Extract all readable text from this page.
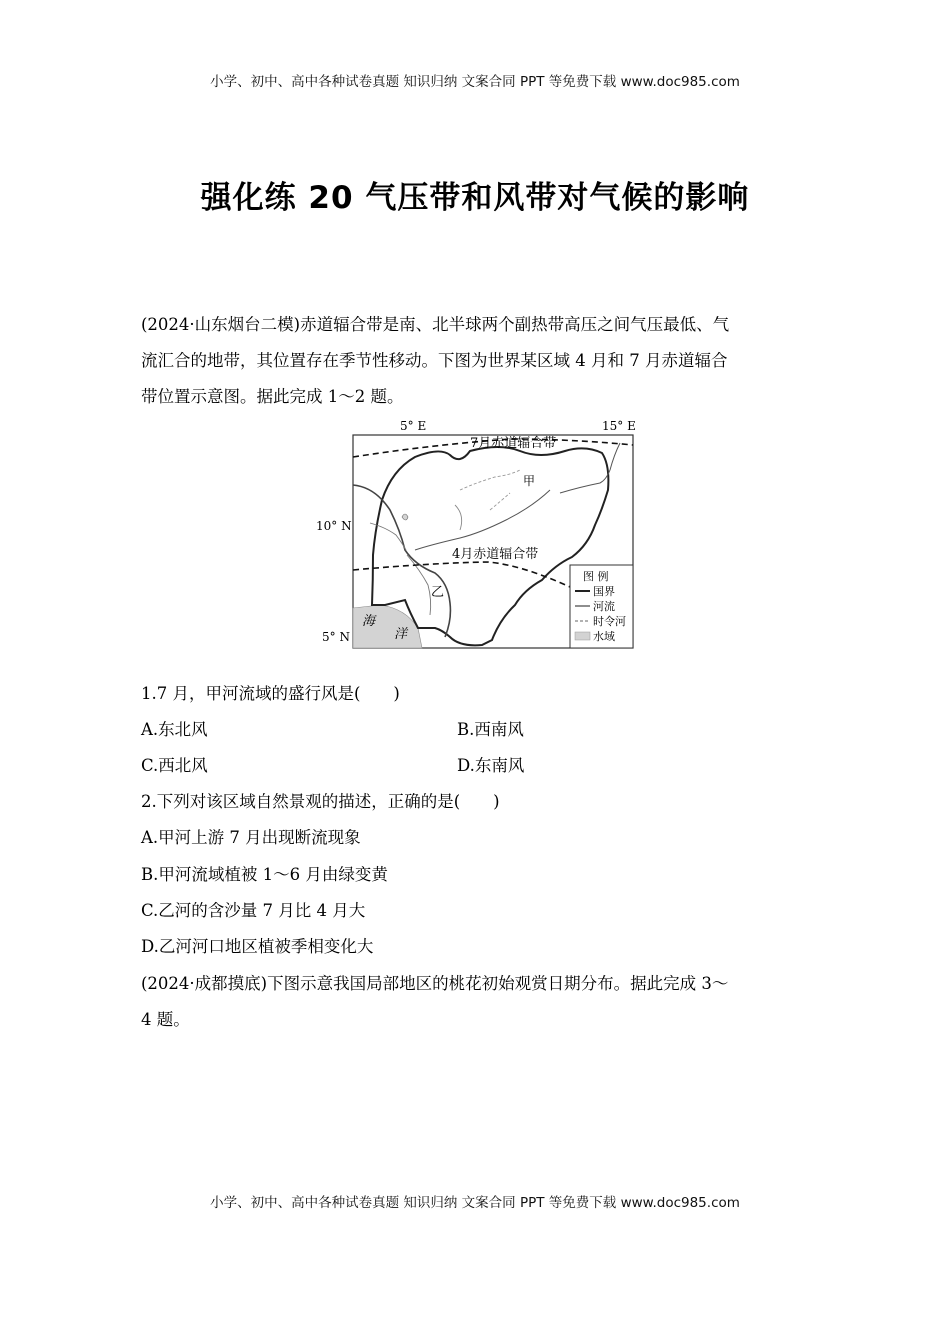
小学、初中、高中各种试卷真题 知识归纳 文案合同 PPT 等免费下载 www.doc985.com
强化练 20 气压带和风带对气候的影响
(2024·山东烟台二模)赤道辐合带是南、北半球两个副热带高压之间气压最低、气
流汇合的地带，其位置存在季节性移动。下图为世界某区域 4 月和 7 月赤道辐合
带位置示意图。据此完成 1～2 题。
5° E	15° E
10° N
5° N
海
洋
7月赤道辐合带
4月赤道辐合带
甲
乙
图 例
国界
河流
时令河
水域
1.7 月，甲河流域的盛行风是(　　)
A.东北风	B.西南风
C.西北风	D.东南风
2.下列对该区域自然景观的描述，正确的是(　　)
A.甲河上游 7 月出现断流现象
B.甲河流域植被 1～6 月由绿变黄
C.乙河的含沙量 7 月比 4 月大
D.乙河河口地区植被季相变化大
(2024·成都摸底)下图示意我国局部地区的桃花初始观赏日期分布。据此完成 3～
4 题。
小学、初中、高中各种试卷真题 知识归纳 文案合同 PPT 等免费下载 www.doc985.com
